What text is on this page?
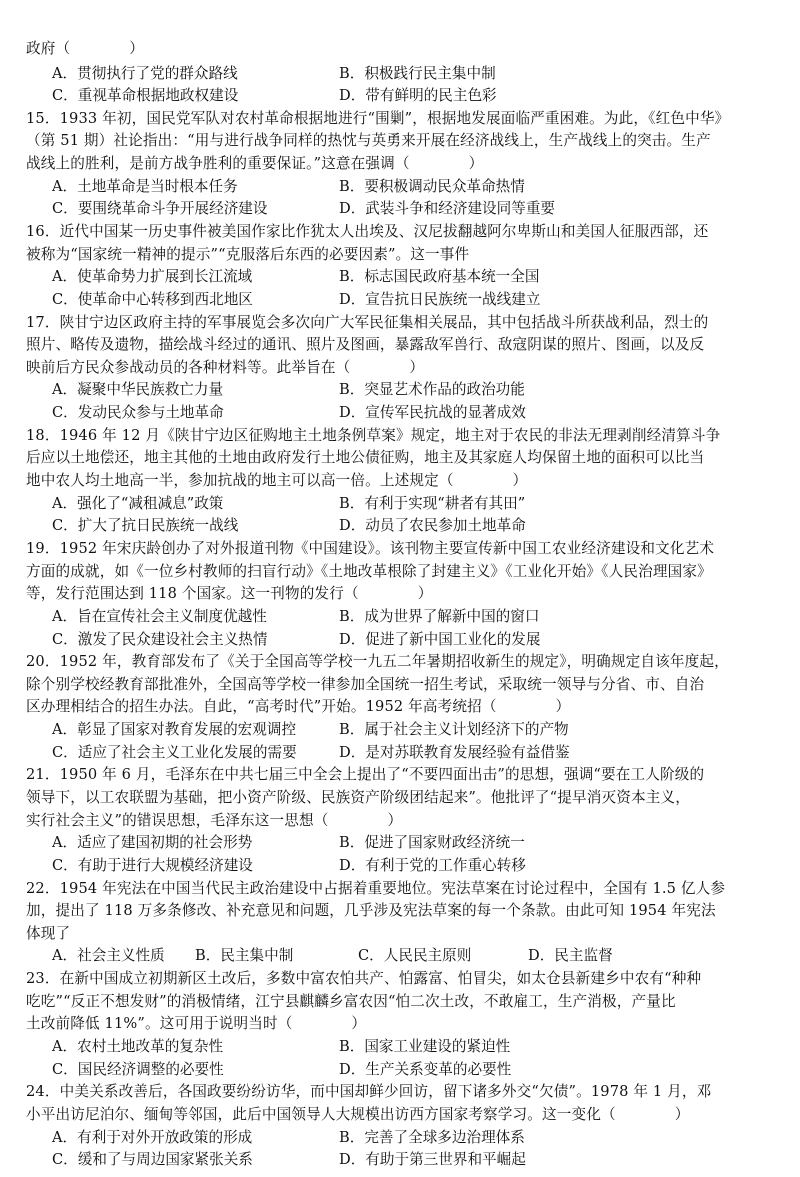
政府（　　　　）
A．贯彻执行了党的群众路线	B．积极践行民主集中制
C．重视革命根据地政权建设	D．带有鲜明的民主色彩
15．1933 年初，国民党军队对农村革命根据地进行“围剿”，根据地发展面临严重困难。为此，《红色中华》
（第 51 期）社论指出：“用与进行战争同样的热忱与英勇来开展在经济战线上，生产战线上的突击。生产
战线上的胜利，是前方战争胜利的重要保证。”这意在强调（　　　　）
A．土地革命是当时根本任务	B．要积极调动民众革命热情
C．要围绕革命斗争开展经济建设	D．武装斗争和经济建设同等重要
16．近代中国某一历史事件被美国作家比作犹太人出埃及、汉尼拔翻越阿尔卑斯山和美国人征服西部，还
被称为“国家统一精神的提示”“克服落后东西的必要因素”。这一事件
A．使革命势力扩展到长江流域	B．标志国民政府基本统一全国
C．使革命中心转移到西北地区	D．宣告抗日民族统一战线建立
17．陕甘宁边区政府主持的军事展览会多次向广大军民征集相关展品，其中包括战斗所获战利品，烈士的
照片、略传及遗物，描绘战斗经过的通讯、照片及图画，暴露敌军兽行、敌寇阴谋的照片、图画，以及反
映前后方民众参战动员的各种材料等。此举旨在（　　　　）
A．凝聚中华民族救亡力量	B．突显艺术作品的政治功能
C．发动民众参与土地革命	D．宣传军民抗战的显著成效
18．1946 年 12 月《陕甘宁边区征购地主土地条例草案》规定，地主对于农民的非法无理剥削经清算斗争
后应以土地偿还，地主其他的土地由政府发行土地公债征购，地主及其家庭人均保留土地的面积可以比当
地中农人均土地高一半，参加抗战的地主可以高一倍。上述规定（　　　　）
A．强化了“减租减息”政策	B．有利于实现“耕者有其田”
C．扩大了抗日民族统一战线	D．动员了农民参加土地革命
19．1952 年宋庆龄创办了对外报道刊物《中国建设》。该刊物主要宣传新中国工农业经济建设和文化艺术
方面的成就，如《一位乡村教师的扫盲行动》《土地改革根除了封建主义》《工业化开始》《人民治理国家》
等，发行范围达到 118 个国家。这一刊物的发行（　　　　）
A．旨在宣传社会主义制度优越性	B．成为世界了解新中国的窗口
C．激发了民众建设社会主义热情	D．促进了新中国工业化的发展
20．1952 年，教育部发布了《关于全国高等学校一九五二年暑期招收新生的规定》，明确规定自该年度起，
除个别学校经教育部批准外，全国高等学校一律参加全国统一招生考试，采取统一领导与分省、市、自治
区办理相结合的招生办法。自此，“高考时代”开始。1952 年高考统招（　　　　）
A．彰显了国家对教育发展的宏观调控	B．属于社会主义计划经济下的产物
C．适应了社会主义工业化发展的需要	D．是对苏联教育发展经验有益借鉴
21．1950 年 6 月，毛泽东在中共七届三中全会上提出了“不要四面出击”的思想，强调“要在工人阶级的
领导下，以工农联盟为基础，把小资产阶级、民族资产阶级团结起来”。他批评了“提早消灭资本主义，
实行社会主义”的错误思想，毛泽东这一思想（　　　　）
A．适应了建国初期的社会形势	B．促进了国家财政经济统一
C．有助于进行大规模经济建设	D．有利于党的工作重心转移
22．1954 年宪法在中国当代民主政治建设中占据着重要地位。宪法草案在讨论过程中，全国有 1.5 亿人参
加，提出了 118 万多条修改、补充意见和问题，几乎涉及宪法草案的每一个条款。由此可知 1954 年宪法
体现了
A．社会主义性质 B．民主集中制	C．人民民主原则	D．民主监督
23．在新中国成立初期新区土改后，多数中富农怕共产、怕露富、怕冒尖，如太仓县新建乡中农有“种种
吃吃”“反正不想发财”的消极情绪，江宁县麒麟乡富农因“怕二次土改，不敢雇工，生产消极，产量比
土改前降低 11%”。这可用于说明当时（　　　　）
A．农村土地改革的复杂性	B．国家工业建设的紧迫性
C．国民经济调整的必要性	D．生产关系变革的必要性
24．中美关系改善后，各国政要纷纷访华，而中国却鲜少回访，留下诸多外交“欠债”。1978 年 1 月，邓
小平出访尼泊尔、缅甸等邻国，此后中国领导人大规模出访西方国家考察学习。这一变化（　　　　）
A．有利于对外开放政策的形成	B．完善了全球多边治理体系
C．缓和了与周边国家紧张关系	D．有助于第三世界和平崛起
